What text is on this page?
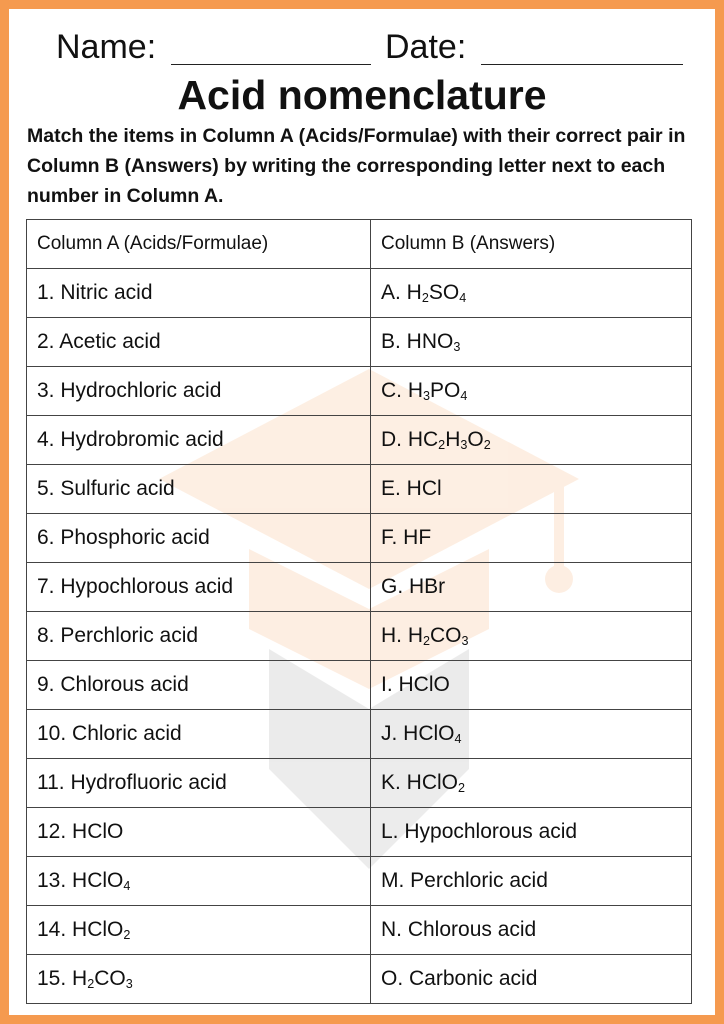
Name:	Date:
Acid nomenclature
Match the items in Column A (Acids/Formulae) with their correct pair in Column B (Answers) by writing the corresponding letter next to each number in Column A.
Column A (Acids/Formulae)	Column B (Answers)
1. Nitric acid	A. $H_2SO_4$
2. Acetic acid	B. $HNO_3$
3. Hydrochloric acid	C. $H_3PO_4$
4. Hydrobromic acid	D. $HC_2H_3O_2$
5. Sulfuric acid	E. HCl
6. Phosphoric acid	F. HF
7. Hypochlorous acid	G. HBr
8. Perchloric acid	H. $H_2CO_3$
9. Chlorous acid	I. HClO
10. Chloric acid	J. HClO$_4$
11. Hydrofluoric acid	K. HClO$_2$
12. HClO	L. Hypochlorous acid
13. HClO$_4$	M. Perchloric acid
14. HClO$_2$	N. Chlorous acid
15. $H_2CO_3$	O. Carbonic acid
